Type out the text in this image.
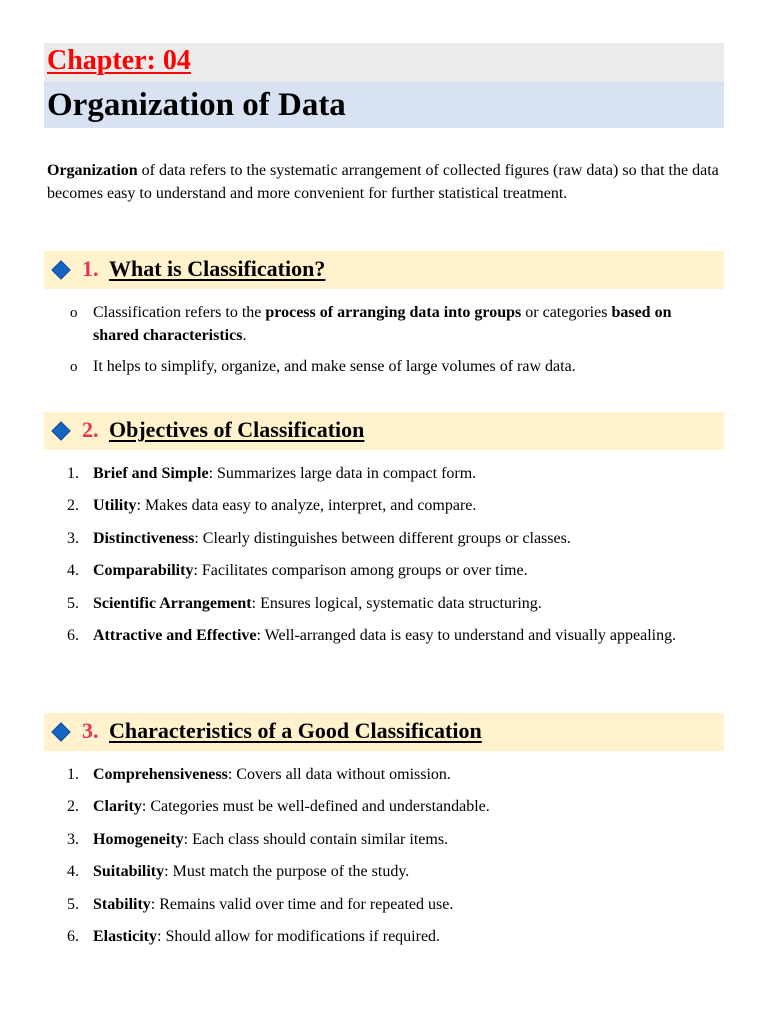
Chapter: 04
Organization of Data

Organization of data refers to the systematic arrangement of collected figures (raw data) so that the data becomes easy to understand and more convenient for further statistical treatment.

1. What is Classification?
o Classification refers to the process of arranging data into groups or categories based on shared characteristics.
o It helps to simplify, organize, and make sense of large volumes of raw data.
2. Objectives of Classification
1. Brief and Simple: Summarizes large data in compact form.
2. Utility: Makes data easy to analyze, interpret, and compare.
3. Distinctiveness: Clearly distinguishes between different groups or classes.
4. Comparability: Facilitates comparison among groups or over time.
5. Scientific Arrangement: Ensures logical, systematic data structuring.
6. Attractive and Effective: Well-arranged data is easy to understand and visually appealing.
3. Characteristics of a Good Classification
1. Comprehensiveness: Covers all data without omission.
2. Clarity: Categories must be well-defined and understandable.
3. Homogeneity: Each class should contain similar items.
4. Suitability: Must match the purpose of the study.
5. Stability: Remains valid over time and for repeated use.
6. Elasticity: Should allow for modifications if required.
